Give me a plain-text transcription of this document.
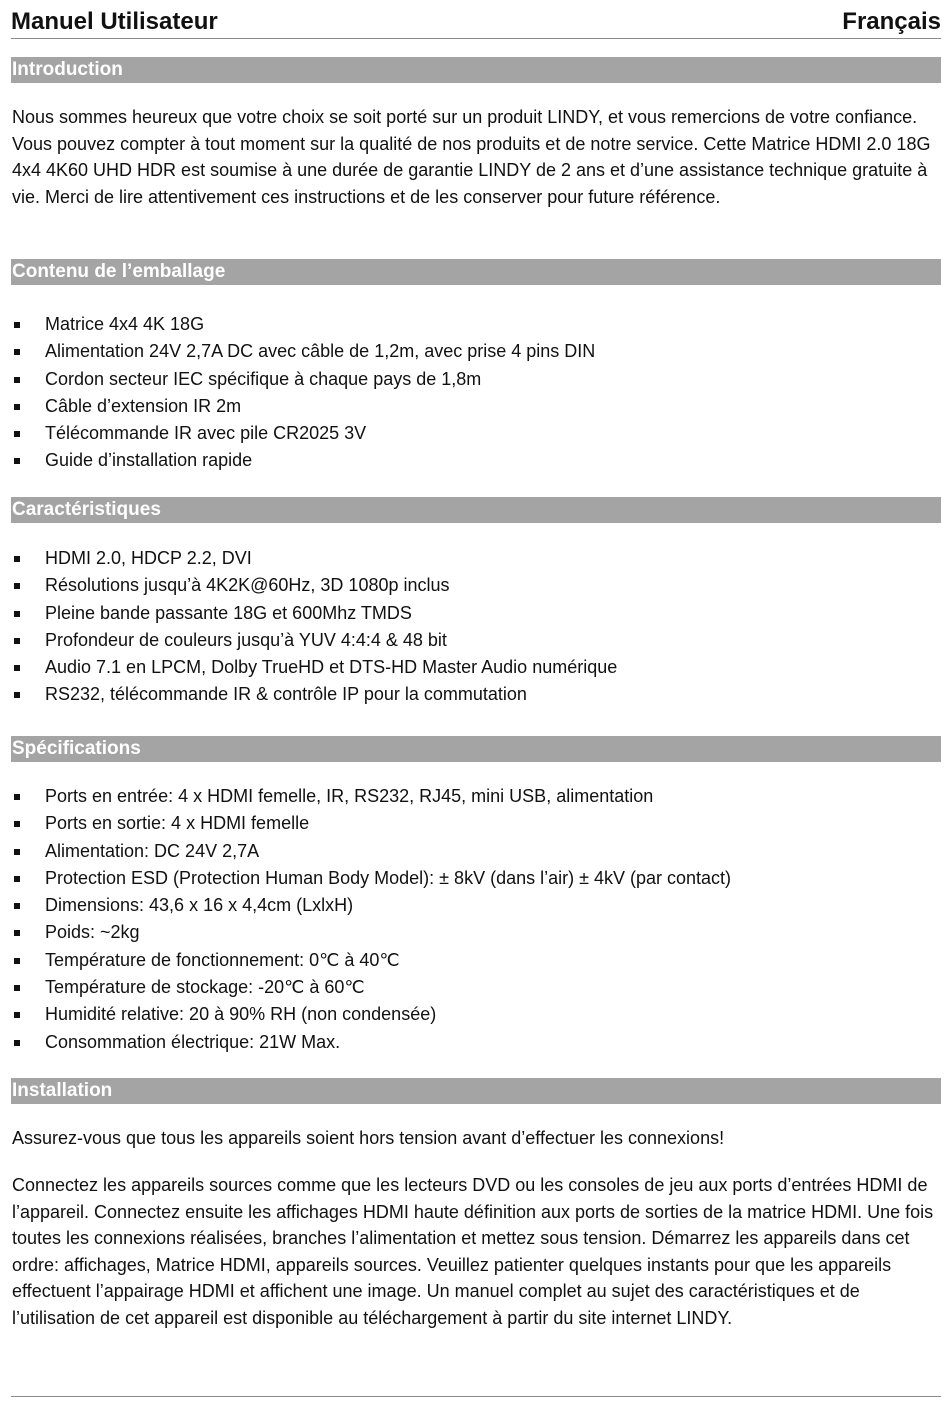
Manuel Utilisateur	Français
Introduction

Nous sommes heureux que votre choix se soit porté sur un produit LINDY, et vous remercions de votre confiance. Vous pouvez compter à tout moment sur la qualité de nos produits et de notre service. Cette Matrice HDMI 2.0 18G 4x4 4K60 UHD HDR est soumise à une durée de garantie LINDY de 2 ans et d’une assistance technique gratuite à vie. Merci de lire attentivement ces instructions et de les conserver pour future référence.

Contenu de l’emballage
Matrice 4x4 4K 18G
Alimentation 24V 2,7A DC avec câble de 1,2m, avec prise 4 pins DIN
Cordon secteur IEC spécifique à chaque pays de 1,8m
Câble d’extension IR 2m
Télécommande IR avec pile CR2025 3V
Guide d’installation rapide
Caractéristiques
HDMI 2.0, HDCP 2.2, DVI
Résolutions jusqu’à 4K2K@60Hz, 3D 1080p inclus
Pleine bande passante 18G et 600Mhz TMDS
Profondeur de couleurs jusqu’à YUV 4:4:4 & 48 bit
Audio 7.1 en LPCM, Dolby TrueHD et DTS-HD Master Audio numérique
RS232, télécommande IR & contrôle IP pour la commutation
Spécifications
Ports en entrée: 4 x HDMI femelle, IR, RS232, RJ45, mini USB, alimentation
Ports en sortie: 4 x HDMI femelle
Alimentation: DC 24V 2,7A
Protection ESD (Protection Human Body Model): ± 8kV (dans l’air) ± 4kV (par contact)
Dimensions: 43,6 x 16 x 4,4cm (LxlxH)
Poids: ~2kg
Température de fonctionnement: 0℃ à 40℃
Température de stockage: -20℃ à 60℃
Humidité relative: 20 à 90% RH (non condensée)
Consommation électrique: 21W Max.
Installation

Assurez-vous que tous les appareils soient hors tension avant d’effectuer les connexions!

Connectez les appareils sources comme que les lecteurs DVD ou les consoles de jeu aux ports d’entrées HDMI de l’appareil. Connectez ensuite les affichages HDMI haute définition aux ports de sorties de la matrice HDMI. Une fois toutes les connexions réalisées, branches l’alimentation et mettez sous tension. Démarrez les appareils dans cet ordre: affichages, Matrice HDMI, appareils sources. Veuillez patienter quelques instants pour que les appareils effectuent l’appairage HDMI et affichent une image. Un manuel complet au sujet des caractéristiques et de l’utilisation de cet appareil est disponible au téléchargement à partir du site internet LINDY.
